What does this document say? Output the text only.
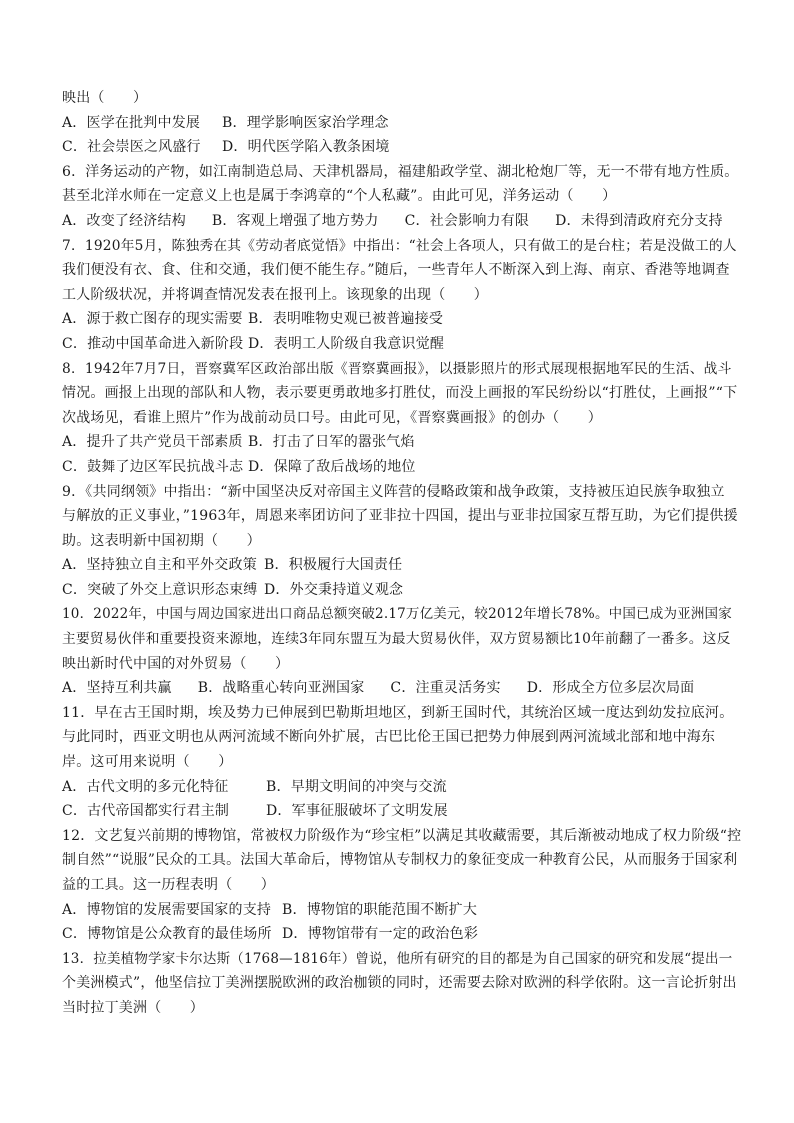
映出（　　）
A．医学在批判中发展	B．理学影响医家治学理念
C．社会崇医之风盛行	D．明代医学陷入教条困境
6．洋务运动的产物，如江南制造总局、天津机器局，福建船政学堂、湖北枪炮厂等，无一不带有地方性质。
甚至北洋水师在一定意义上也是属于李鸿章的“个人私藏”。由此可见，洋务运动（　　）
A．改变了经济结构 B．客观上增强了地方势力 C．社会影响力有限 D．未得到清政府充分支持
7．1920年5月，陈独秀在其《劳动者底觉悟》中指出：“社会上各项人，只有做工的是台柱；若是没做工的人
我们便没有衣、食、住和交通，我们便不能生存。”随后，一些青年人不断深入到上海、南京、香港等地调查
工人阶级状况，并将调查情况发表在报刊上。该现象的出现（　　）
A．源于救亡图存的现实需要 B．表明唯物史观已被普遍接受
C．推动中国革命进入新阶段 D．表明工人阶级自我意识觉醒
8．1942年7月7日，晋察冀军区政治部出版《晋察冀画报》，以摄影照片的形式展现根据地军民的生活、战斗
情况。画报上出现的部队和人物，表示要更勇敢地多打胜仗，而没上画报的军民纷纷以“打胜仗，上画报”“下
次战场见，看谁上照片”作为战前动员口号。由此可见，《晋察冀画报》的创办（　　）
A．提升了共产党员干部素质 B．打击了日军的嚣张气焰
C．鼓舞了边区军民抗战斗志 D．保障了敌后战场的地位
9．《共同纲领》中指出：“新中国坚决反对帝国主义阵营的侵略政策和战争政策，支持被压迫民族争取独立
与解放的正义事业，”1963年，周恩来率团访问了亚非拉十四国，提出与亚非拉国家互帮互助，为它们提供援
助。这表明新中国初期（　　）
A．坚持独立自主和平外交政策 B．积极履行大国责任
C．突破了外交上意识形态束缚 D．外交秉持道义观念
10．2022年，中国与周边国家进出口商品总额突破2.17万亿美元，较2012年增长78%。中国已成为亚洲国家
主要贸易伙伴和重要投资来源地，连续3年同东盟互为最大贸易伙伴，双方贸易额比10年前翻了一番多。这反
映出新时代中国的对外贸易（　　）
A．坚持互利共赢 B．战略重心转向亚洲国家 C．注重灵活务实 D．形成全方位多层次局面
11．早在古王国时期，埃及势力已伸展到巴勒斯坦地区，到新王国时代，其统治区域一度达到幼发拉底河。
与此同时，西亚文明也从两河流域不断向外扩展，古巴比伦王国已把势力伸展到两河流域北部和地中海东
岸。这可用来说明（　　）
A．古代文明的多元化特征	B．早期文明间的冲突与交流
C．古代帝国都实行君主制	D．军事征服破坏了文明发展
12．文艺复兴前期的博物馆，常被权力阶级作为“珍宝柜”以满足其收藏需要，其后渐被动地成了权力阶级“控
制自然”“说服”民众的工具。法国大革命后，博物馆从专制权力的象征变成一种教育公民，从而服务于国家利
益的工具。这一历程表明（　　）
A．博物馆的发展需要国家的支持 B．博物馆的职能范围不断扩大
C．博物馆是公众教育的最佳场所 D．博物馆带有一定的政治色彩
13．拉美植物学家卡尔达斯（1768—1816年）曾说，他所有研究的目的都是为自己国家的研究和发展“提出一
个美洲模式”，他坚信拉丁美洲摆脱欧洲的政治枷锁的同时，还需要去除对欧洲的科学依附。这一言论折射出
当时拉丁美洲（　　）
